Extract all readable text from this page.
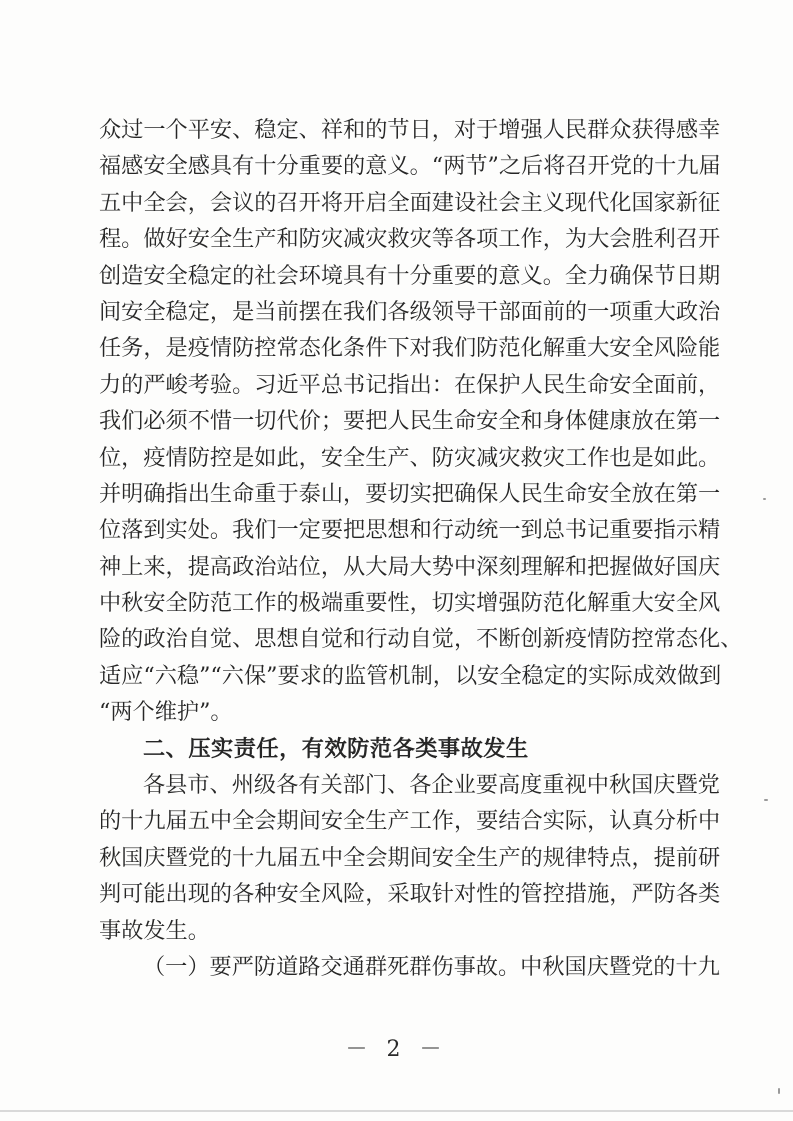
众过一个平安、稳定、祥和的节日，对于增强人民群众获得感幸
福感安全感具有十分重要的意义。“两节”之后将召开党的十九届
五中全会，会议的召开将开启全面建设社会主义现代化国家新征
程。做好安全生产和防灾减灾救灾等各项工作，为大会胜利召开
创造安全稳定的社会环境具有十分重要的意义。全力确保节日期
间安全稳定，是当前摆在我们各级领导干部面前的一项重大政治
任务，是疫情防控常态化条件下对我们防范化解重大安全风险能
力的严峻考验。习近平总书记指出：在保护人民生命安全面前，
我们必须不惜一切代价；要把人民生命安全和身体健康放在第一
位，疫情防控是如此，安全生产、防灾减灾救灾工作也是如此。
并明确指出生命重于泰山，要切实把确保人民生命安全放在第一
位落到实处。我们一定要把思想和行动统一到总书记重要指示精
神上来，提高政治站位，从大局大势中深刻理解和把握做好国庆
中秋安全防范工作的极端重要性，切实增强防范化解重大安全风
险的政治自觉、思想自觉和行动自觉，不断创新疫情防控常态化、
适应“六稳”“六保”要求的监管机制，以安全稳定的实际成效做到
“两个维护”。
二、压实责任，有效防范各类事故发生
各县市、州级各有关部门、各企业要高度重视中秋国庆暨党
的十九届五中全会期间安全生产工作，要结合实际，认真分析中
秋国庆暨党的十九届五中全会期间安全生产的规律特点，提前研
判可能出现的各种安全风险，采取针对性的管控措施，严防各类
事故发生。
（一）要严防道路交通群死群伤事故。中秋国庆暨党的十九
－ 2 －
